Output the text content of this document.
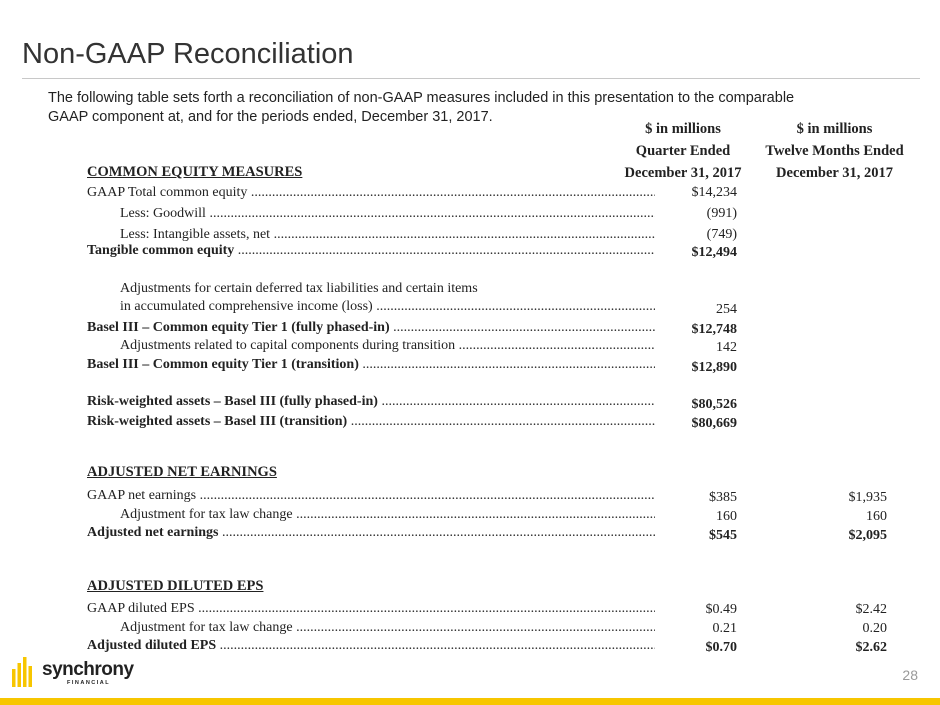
Non-GAAP Reconciliation
The following table sets forth a reconciliation of non-GAAP measures included in this presentation to the comparable
GAAP component at, and for the periods ended, December 31, 2017.
$ in millions
Quarter Ended
December 31, 2017
$ in millions
Twelve Months Ended
December 31, 2017
COMMON EQUITY MEASURES
GAAP Total common equity .....	$14,234
Less: Goodwill .....	(991)
Less: Intangible assets, net .....	(749)
Tangible common equity .....	$12,494
Adjustments for certain deferred tax liabilities and certain items
in accumulated comprehensive income (loss) .....	254
Basel III – Common equity Tier 1 (fully phased-in) .....	$12,748
Adjustments related to capital components during transition .....	142
Basel III – Common equity Tier 1 (transition) .....	$12,890
Risk-weighted assets – Basel III (fully phased-in) .....	$80,526
Risk-weighted assets – Basel III (transition) .....	$80,669
ADJUSTED NET EARNINGS
GAAP net earnings .....	$385	$1,935
Adjustment for tax law change .....	160	160
Adjusted net earnings .....	$545	$2,095
ADJUSTED DILUTED EPS
GAAP diluted EPS .....	$0.49	$2.42
Adjustment for tax law change .....	0.21	0.20
Adjusted diluted EPS .....	$0.70	$2.62
synchrony
FINANCIAL	28
